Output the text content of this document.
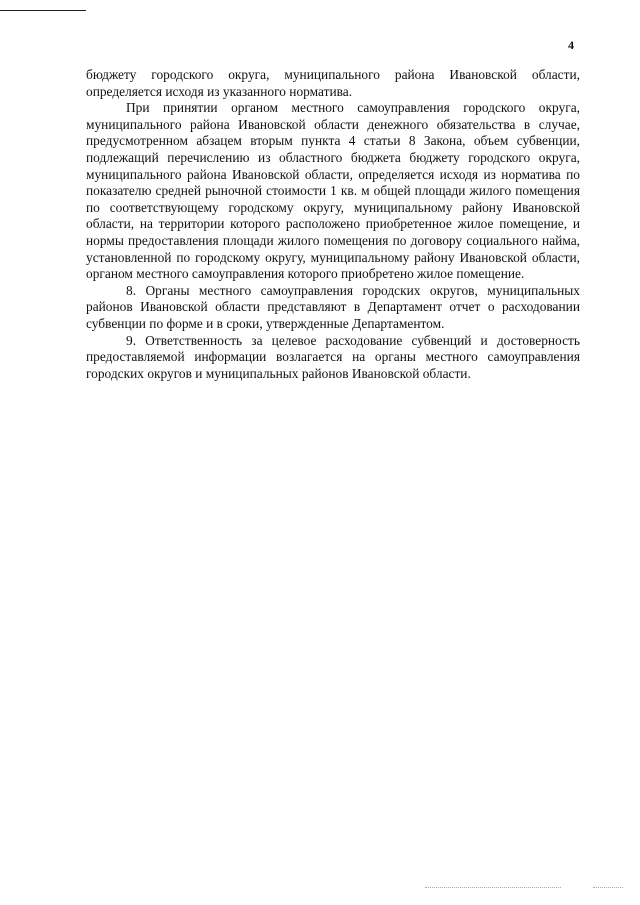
4

бюджету городского округа, муниципального района Ивановской области, определяется исходя из указанного норматива.

При принятии органом местного самоуправления городского округа, муниципального района Ивановской области денежного обязательства в случае, предусмотренном абзацем вторым пункта 4 статьи 8 Закона, объем субвенции, подлежащий перечислению из областного бюджета бюджету городского округа, муниципального района Ивановской области, определяется исходя из норматива по показателю средней рыночной стоимости 1 кв. м общей площади жилого помещения по соответствующему городскому округу, муниципальному району Ивановской области, на территории которого расположено приобретенное жилое помещение, и нормы предоставления площади жилого помещения по договору социального найма, установленной по городскому округу, муниципальному району Ивановской области, органом местного самоуправления которого приобретено жилое помещение.

8. Органы местного самоуправления городских округов, муниципальных районов Ивановской области представляют в Департамент отчет о расходовании субвенции по форме и в сроки, утвержденные Департаментом.

9. Ответственность за целевое расходование субвенций и достоверность предоставляемой информации возлагается на органы местного самоуправления городских округов и муниципальных районов Ивановской области.
